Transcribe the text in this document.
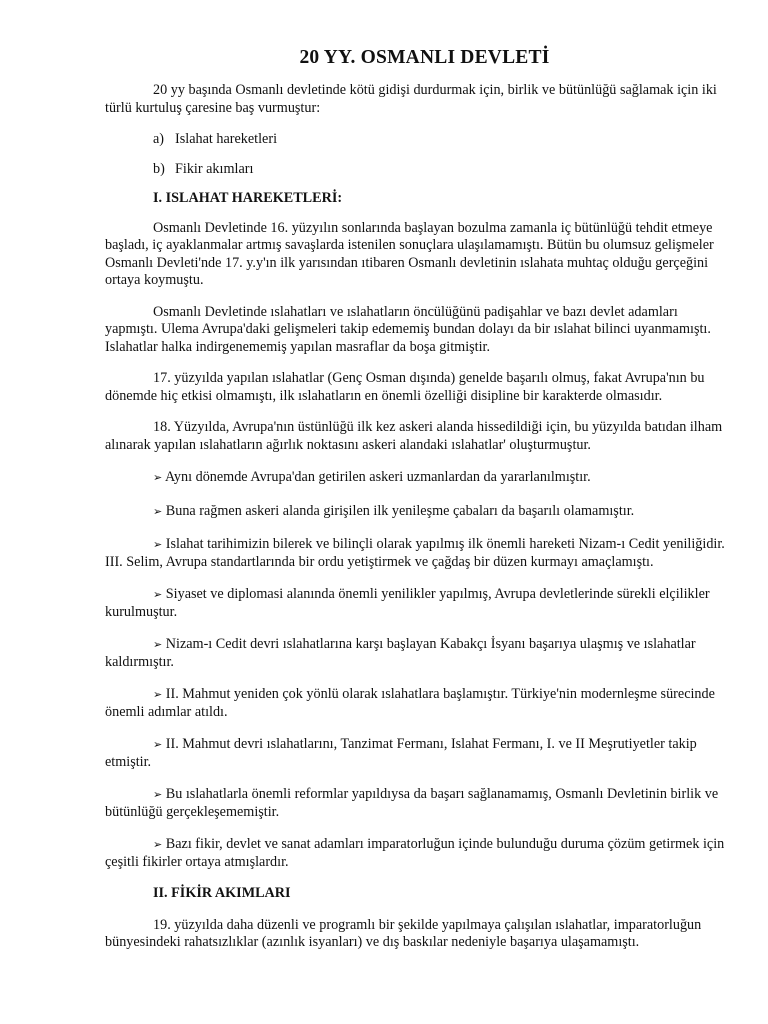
20 YY. OSMANLI DEVLETİ

20 yy başında Osmanlı devletinde kötü gidişi durdurmak için, birlik ve bütünlüğü sağlamak için iki türlü kurtuluş çaresine baş vurmuştur:

a) Islahat hareketleri

b) Fikir akımları

I. ISLAHAT HAREKETLERİ:

Osmanlı Devletinde 16. yüzyılın sonlarında başlayan bozulma zamanla iç bütünlüğü tehdit etmeye başladı, iç ayaklanmalar artmış savaşlarda istenilen sonuçlara ulaşılamamıştı. Bütün bu olumsuz gelişmeler Osmanlı Devleti'nde 17. y.y'ın ilk yarısından ıtibaren Osmanlı devletinin ıslahata muhtaç olduğu gerçeğini ortaya koymuştu.

Osmanlı Devletinde ıslahatları ve ıslahatların öncülüğünü padişahlar ve bazı devlet adamları yapmıştı. Ulema Avrupa'daki gelişmeleri takip edememiş bundan dolayı da bir ıslahat bilinci uyanmamıştı. Islahatlar halka indirgenememiş yapılan masraflar da boşa gitmiştir.

17. yüzyılda yapılan ıslahatlar (Genç Osman dışında) genelde başarılı olmuş, fakat Avrupa'nın bu dönemde hiç etkisi olmamıştı, ilk ıslahatların en önemli özelliği disipline bir karakterde olmasıdır.

18. Yüzyılda, Avrupa'nın üstünlüğü ilk kez askeri alanda hissedildiği için, bu yüzyılda batıdan ilham alınarak yapılan ıslahatların ağırlık noktasını askeri alandaki ıslahatlar' oluşturmuştur.

➢ Aynı dönemde Avrupa'dan getirilen askeri uzmanlardan da yararlanılmıştır.

➢ Buna rağmen askeri alanda girişilen ilk yenileşme çabaları da başarılı olamamıştır.

➢ Islahat tarihimizin bilerek ve bilinçli olarak yapılmış ilk önemli hareketi Nizam-ı Cedit yeniliğidir. III. Selim, Avrupa standartlarında bir ordu yetiştirmek ve çağdaş bir düzen kurmayı amaçlamıştı.

➢ Siyaset ve diplomasi alanında önemli yenilikler yapılmış, Avrupa devletlerinde sürekli elçilikler kurulmuştur.

➢ Nizam-ı Cedit devri ıslahatlarına karşı başlayan Kabakçı İsyanı başarıya ulaşmış ve ıslahatlar kaldırmıştır.

➢ II. Mahmut yeniden çok yönlü olarak ıslahatlara başlamıştır. Türkiye'nin modernleşme sürecinde önemli adımlar atıldı.

➢ II. Mahmut devri ıslahatlarını, Tanzimat Fermanı, Islahat Fermanı, I. ve II Meşrutiyetler takip etmiştir.

➢ Bu ıslahatlarla önemli reformlar yapıldıysa da başarı sağlanamamış, Osmanlı Devletinin birlik ve bütünlüğü gerçekleşememiştir.

➢ Bazı fikir, devlet ve sanat adamları imparatorluğun içinde bulunduğu duruma çözüm getirmek için çeşitli fikirler ortaya atmışlardır.

II. FİKİR AKIMLARI

19. yüzyılda daha düzenli ve programlı bir şekilde yapılmaya çalışılan ıslahatlar, imparatorluğun bünyesindeki rahatsızlıklar (azınlık isyanları) ve dış baskılar nedeniyle başarıya ulaşamamıştı.
